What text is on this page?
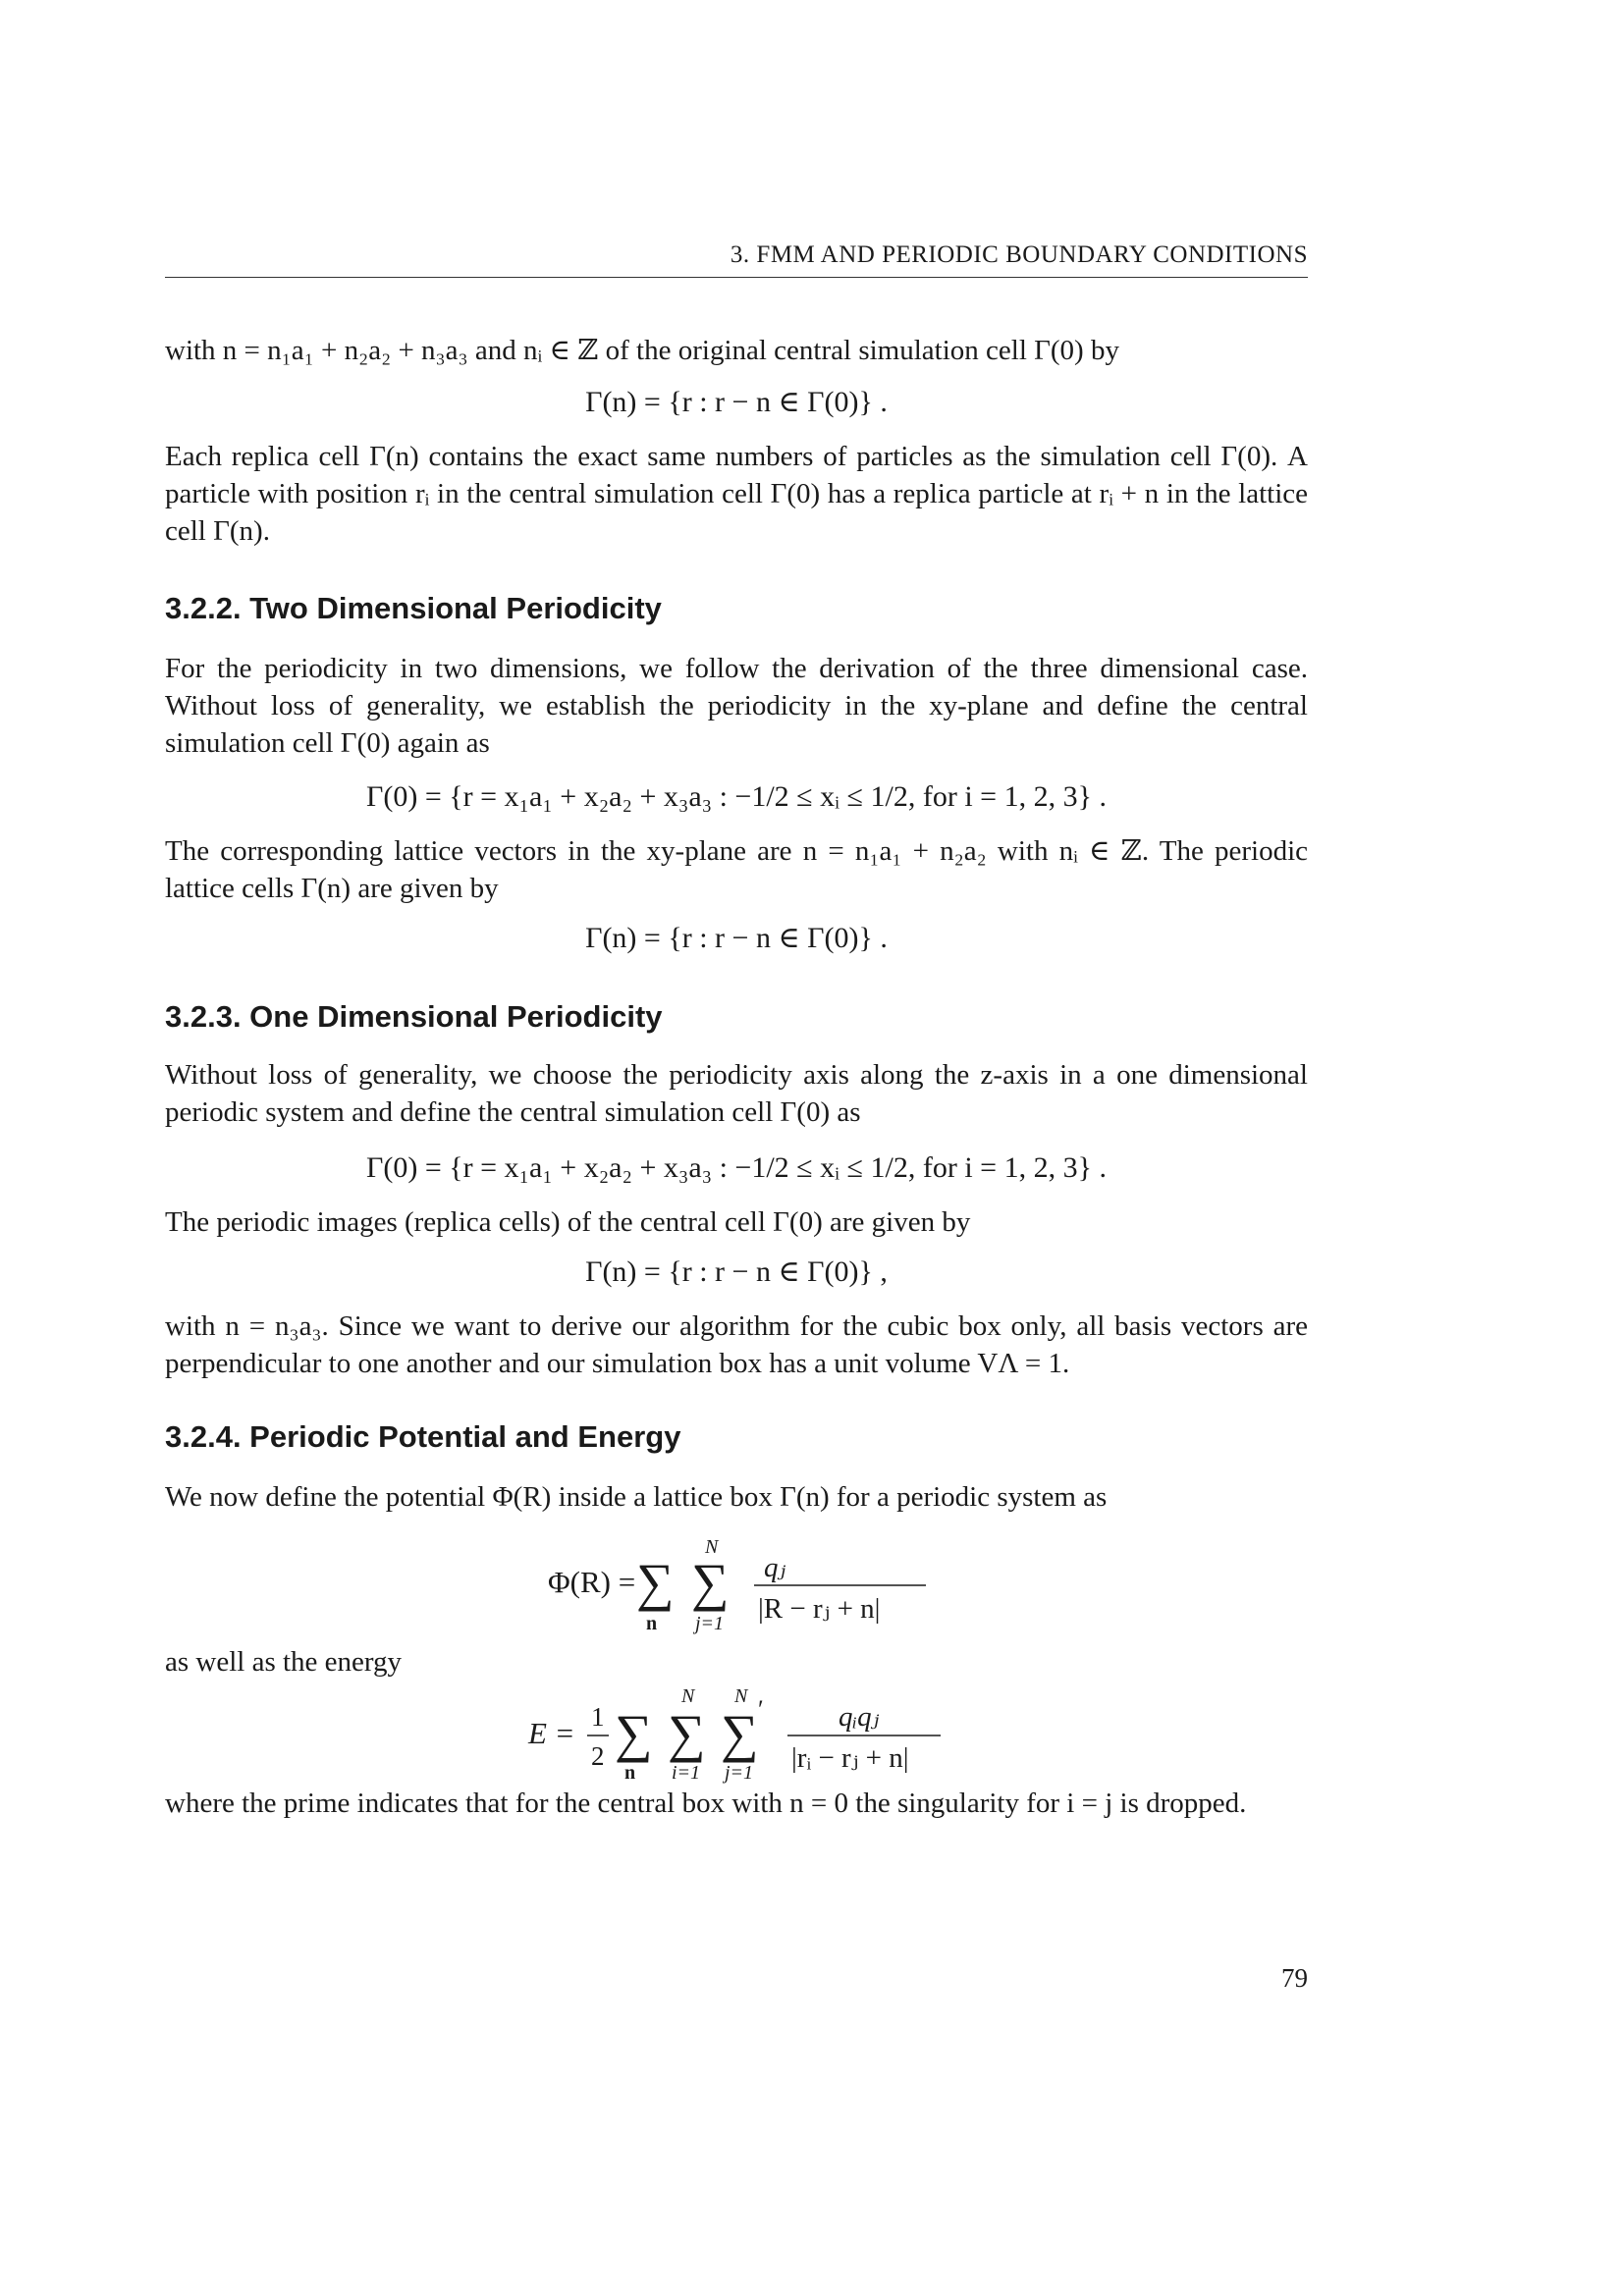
3. FMM AND PERIODIC BOUNDARY CONDITIONS

with n = n₁a₁ + n₂a₂ + n₃a₃ and nᵢ ∈ ℤ of the original central simulation cell Γ(0) by

Γ(n) = {r : r − n ∈ Γ(0)} .

Each replica cell Γ(n) contains the exact same numbers of particles as the simulation cell Γ(0). A particle with position rᵢ in the central simulation cell Γ(0) has a replica particle at rᵢ + n in the lattice cell Γ(n).

3.2.2. Two Dimensional Periodicity

For the periodicity in two dimensions, we follow the derivation of the three dimensional case. Without loss of generality, we establish the periodicity in the xy-plane and define the central simulation cell Γ(0) again as

Γ(0) = {r = x₁a₁ + x₂a₂ + x₃a₃ : −1/2 ≤ xᵢ ≤ 1/2, for i = 1, 2, 3} .

The corresponding lattice vectors in the xy-plane are n = n₁a₁ + n₂a₂ with nᵢ ∈ ℤ. The periodic lattice cells Γ(n) are given by

Γ(n) = {r : r − n ∈ Γ(0)} .
3.2.3. One Dimensional Periodicity

Without loss of generality, we choose the periodicity axis along the z-axis in a one dimensional periodic system and define the central simulation cell Γ(0) as

Γ(0) = {r = x₁a₁ + x₂a₂ + x₃a₃ : −1/2 ≤ xᵢ ≤ 1/2, for i = 1, 2, 3} .

The periodic images (replica cells) of the central cell Γ(0) are given by

Γ(n) = {r : r − n ∈ Γ(0)} ,

with n = n₃a₃. Since we want to derive our algorithm for the cubic box only, all basis vectors are perpendicular to one another and our simulation box has a unit volume VΛ = 1.

3.2.4. Periodic Potential and Energy

We now define the potential Φ(R) inside a lattice box Γ(n) for a periodic system as

Φ(R) = ∑
n
∑
N
j=1
qⱼ
|R − rⱼ + n|

as well as the energy

E = 1
2 ∑
n
∑
N
i=1
∑ ′
N
j=1
qᵢqⱼ
|rᵢ − rⱼ + n|

where the prime indicates that for the central box with n = 0 the singularity for i = j is dropped.

79
